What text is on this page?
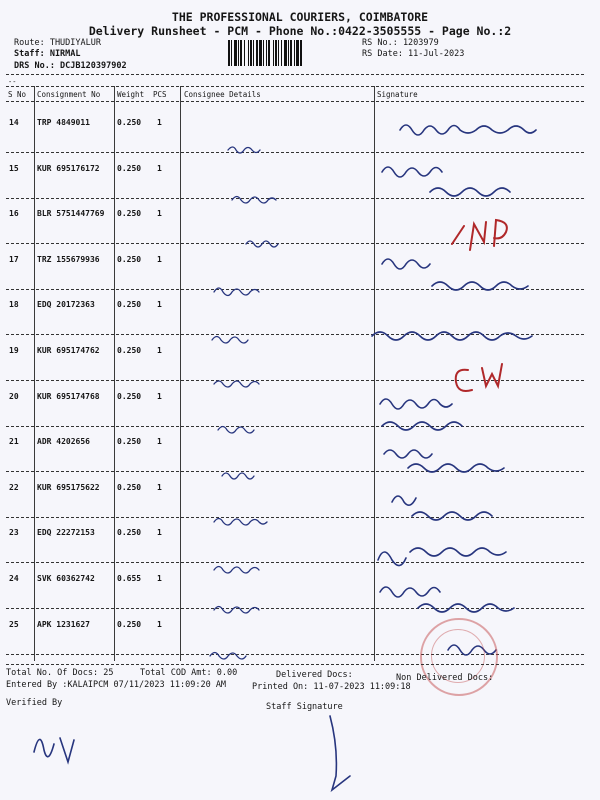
THE PROFESSIONAL COURIERS, COIMBATORE
Delivery Runsheet - PCM - Phone No.:0422-3505555 - Page No.:2
Route: THUDIYALUR
Staff: NIRMAL
DRS No.: DCJB120397902
RS No.: 1203979
RS Date: 11-Jul-2023
--
S No Consignment No Weight PCS Consignee Details	Signature
14 TRP 4849011	0.250 1
15 KUR 695176172 0.250 1
16 BLR 5751447769 0.250 1
17 TRZ 155679936 0.250 1
18 EDQ 20172363	0.250 1
19 KUR 695174762 0.250 1
20 KUR 695174768 0.250 1
21 ADR 4202656	0.250 1
22 KUR 695175622 0.250 1
23 EDQ 22272153	0.250 1
24 SVK 60362742	0.655 1
25 APK 1231627	0.250 1
Total No. Of Docs: 25	Total COD Amt: 0.00	Delivered Docs:	Non Delivered Docs:
Entered By :KALAIPCM 07/11/2023 11:09:20 AM	Printed On: 11-07-2023 11:09:18
Verified By	Staff Signature
